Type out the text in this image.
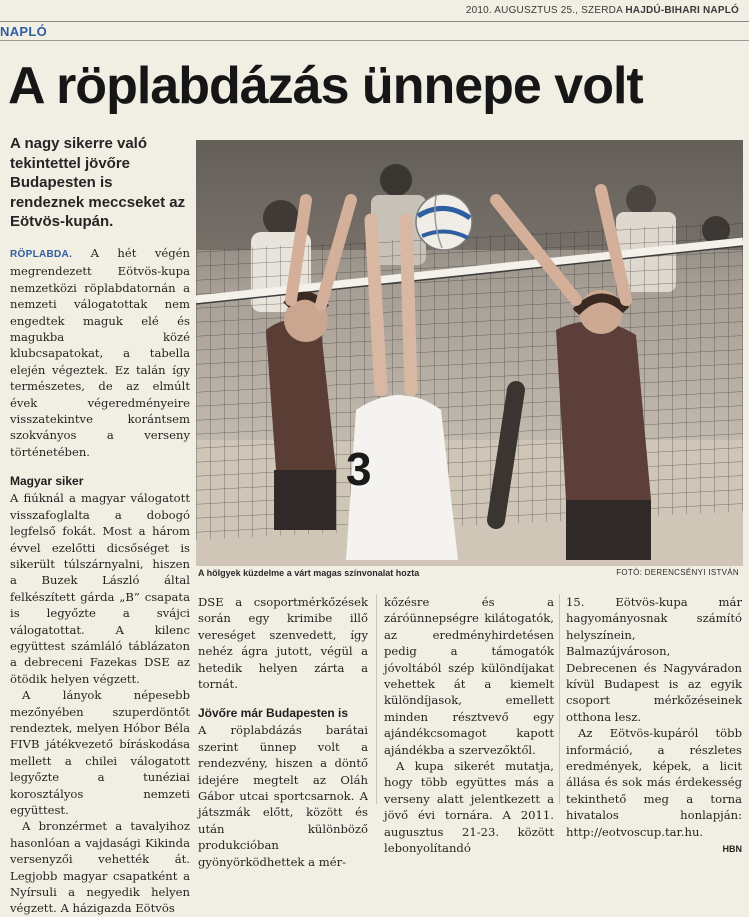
2010. AUGUSZTUS 25., SZERDA HAJDÚ-BIHARI NAPLÓ
NAPLÓ
A röplabdázás ünnepe volt
A nagy sikerre való tekintettel jövőre Budapesten is rendeznek meccseket az Eötvös-kupán.

RÖPLABDA. A hét végén megrendezett Eötvös-kupa nemzetközi röplabdatornán a nemzeti válogatottak nem engedtek maguk elé és magukba közé klubcsapatokat, a tabella elején végeztek. Ez talán így természetes, de az elmúlt évek végeredményeire visszatekintve korántsem szokványos a verseny történetében.

Magyar siker

A fiúknál a magyar válogatott visszafoglalta a dobogó legfelső fokát. Most a három évvel ezelőtti dicsőséget is sikerült túlszárnyalni, hiszen a Buzek László által felkészített gárda „B” csapata is legyőzte a svájci válogatottat. A kilenc együttest számláló táblázaton a debreceni Fazekas DSE az ötödik helyen végzett.

A lányok népesebb mezőnyében szuperdöntőt rendeztek, melyen Hóbor Béla FIVB játékvezető bíráskodása mellett a chilei válogatott legyőzte a tunéziai korosztályos nemzeti együttest.

A bronzérmet a tavalyihoz hasonlóan a vajdasági Kikinda versenyzői vehették át. Legjobb magyar csapatként a Nyírsuli a negyedik helyen végzett. A házigazda Eötvös

3
A hölgyek küzdelme a várt magas színvonalat hozta	FOTÓ: DERENCSÉNYI ISTVÁN

DSE a csoportmérkőzések során egy krimibe illő vereséget szenvedett, így nehéz ágra jutott, végül a hetedik helyen zárta a tornát.

Jövőre már Budapesten is

A röplabdázás barátai szerint ünnep volt a rendezvény, hiszen a döntő idejére megtelt az Oláh Gábor utcai sportcsarnok. A játszmák előtt, között és után különböző produkcióban gyönyörködhettek a mér-

kőzésre és a záróünnepségre kilátogatók, az eredményhirdetésen pedig a támogatók jóvoltából szép különdíjakat vehettek át a kiemelt különdíjasok, emellett minden résztvevő egy ajándékcsomagot kapott ajándékba a szervezőktől.

A kupa sikerét mutatja, hogy több együttes más a verseny alatt jelentkezett a jövő évi tornára. A 2011. augusztus 21-23. között lebonyolítandó

15. Eötvös-kupa már hagyományosnak számító helyszínein, Balmazújvároson, Debrecenen és Nagyváradon kívül Budapest is az egyik csoport mérkőzéseinek otthona lesz.

Az Eötvös-kupáról több információ, a részletes eredmények, képek, a licit állása és sok más érdekesség tekinthető meg a torna hivatalos honlapján: http://eotvoscup.tar.hu.

HBN
